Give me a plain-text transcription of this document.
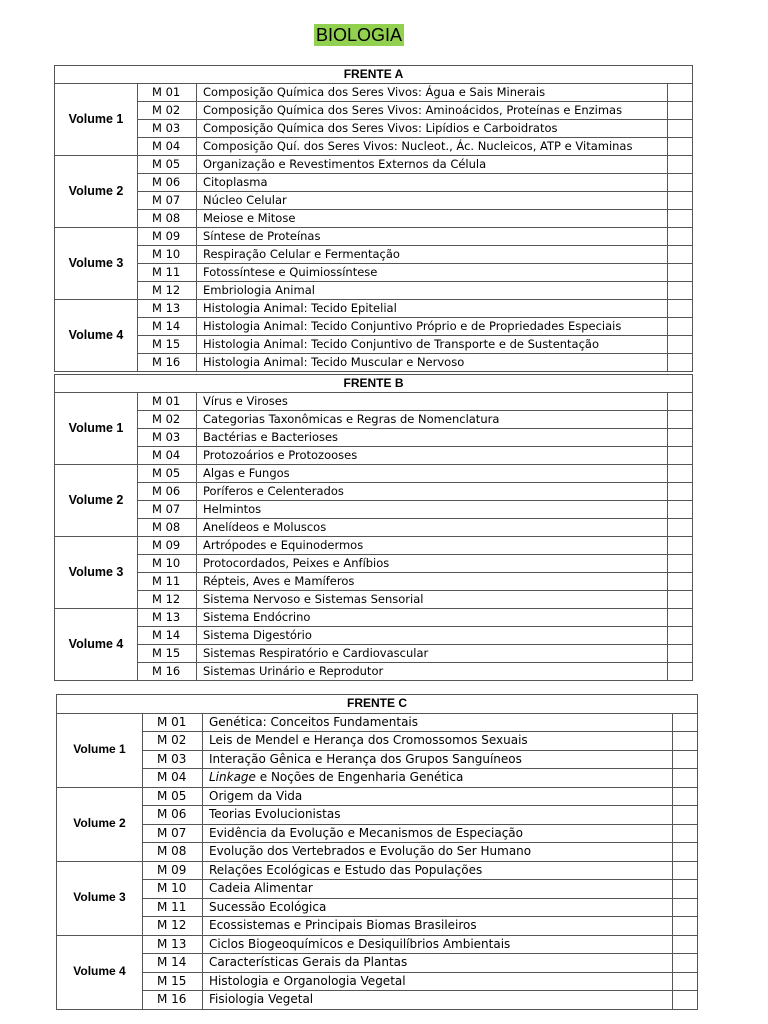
BIOLOGIA
FRENTE A			
Volume 1	M 01	Composição Química dos Seres Vivos: Água e Sais Minerais	
	M 02	Composição Química dos Seres Vivos: Aminoácidos, Proteínas e Enzimas	
	M 03	Composição Química dos Seres Vivos: Lipídios e Carboidratos	
	M 04	Composição Quí. dos Seres Vivos: Nucleot., Ác. Nucleicos, ATP e Vitaminas	
Volume 2	M 05	Organização e Revestimentos Externos da Célula	
	M 06	Citoplasma	
	M 07	Núcleo Celular	
	M 08	Meiose e Mitose	
Volume 3	M 09	Síntese de Proteínas	
	M 10	Respiração Celular e Fermentação	
	M 11	Fotossíntese e Quimiossíntese	
	M 12	Embriologia Animal	
Volume 4	M 13	Histologia Animal: Tecido Epitelial	
	M 14	Histologia Animal: Tecido Conjuntivo Próprio e de Propriedades Especiais	
	M 15	Histologia Animal: Tecido Conjuntivo de Transporte e de Sustentação	
	M 16	Histologia Animal: Tecido Muscular e Nervoso	
FRENTE B			
Volume 1	M 01	Vírus e Viroses	
	M 02	Categorias Taxonômicas e Regras de Nomenclatura	
	M 03	Bactérias e Bacterioses	
	M 04	Protozoários e Protozooses	
Volume 2	M 05	Algas e Fungos	
	M 06	Poríferos e Celenterados	
	M 07	Helmintos	
	M 08	Anelídeos e Moluscos	
Volume 3	M 09	Artrópodes e Equinodermos	
	M 10	Protocordados, Peixes e Anfíbios	
	M 11	Répteis, Aves e Mamíferos	
	M 12	Sistema Nervoso e Sistemas Sensorial	
Volume 4	M 13	Sistema Endócrino	
	M 14	Sistema Digestório	
	M 15	Sistemas Respiratório e Cardiovascular	
	M 16	Sistemas Urinário e Reprodutor	
FRENTE C			
Volume 1	M 01	Genética: Conceitos Fundamentais	
	M 02	Leis de Mendel e Herança dos Cromossomos Sexuais	
	M 03	Interação Gênica e Herança dos Grupos Sanguíneos	
	M 04	Linkage e Noções de Engenharia Genética	
Volume 2	M 05	Origem da Vida	
	M 06	Teorias Evolucionistas	
	M 07	Evidência da Evolução e Mecanismos de Especiação	
	M 08	Evolução dos Vertebrados e Evolução do Ser Humano	
Volume 3	M 09	Relações Ecológicas e Estudo das Populações	
	M 10	Cadeia Alimentar	
	M 11	Sucessão Ecológica	
	M 12	Ecossistemas e Principais Biomas Brasileiros	
Volume 4	M 13	Ciclos Biogeoquímicos e Desiquilíbrios Ambientais	
	M 14	Características Gerais da Plantas	
	M 15	Histologia e Organologia Vegetal	
	M 16	Fisiologia Vegetal	
